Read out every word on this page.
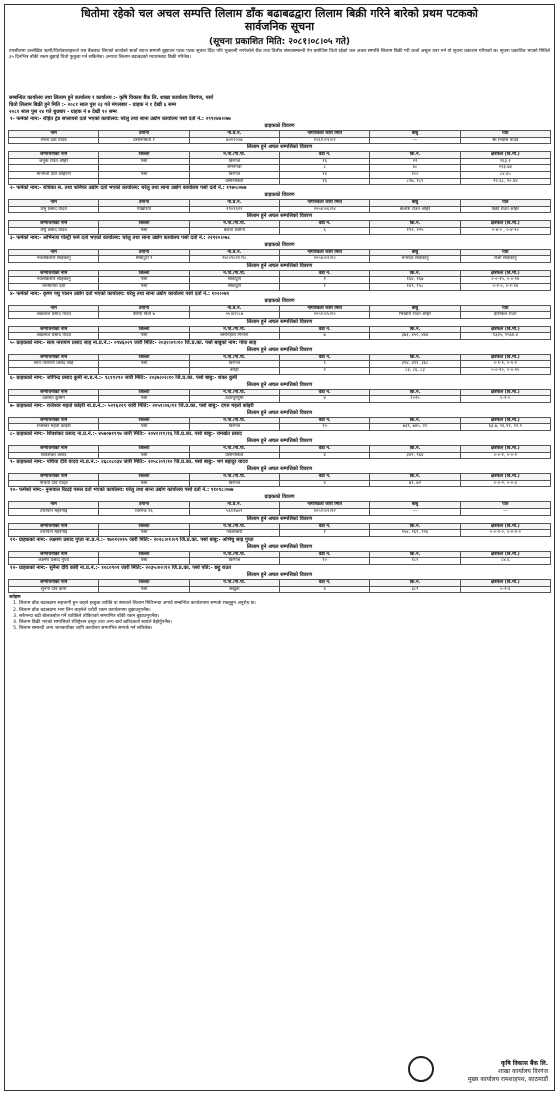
धितोमा रहेको चल अचल सम्पत्ति लिलाम डाँक बढाबढद्वारा लिलाम बिक्री गरिने बारेको प्रथम पटकको
सार्वजनिक सूचना
(सूचना प्रकाशित मिति: २०८१।०८।०५ गते)

तपसीलमा उल्लेखित ऋणी/धितोवालाहरूले यस बैंकबाट लिएको कर्जाको सावाँ ब्याज समयमै बुझाउन पटक पटक सूचना दिँदा पनि भुक्तानी नगरेकोले बैंक तथा वित्तीय संस्थासम्बन्धी ऐन बमोजिम धितो रहेको चल अचल सम्पत्ति लिलाम बिक्री गरी कर्जा असुल उपर गर्न यो सूचना प्रकाशन गरिएको छ। सूचना प्रकाशित भएको मितिले ३५ दिनभित्र बाँकी रकम बुझाई धितो फुकुवा गर्न सकिनेछ। अन्यथा लिलाम बढाबढको माध्यमबाट बिक्री गरिनेछ।

सम्बन्धित कार्यालय तथा लिलाम हुने कार्यालय र कार्यालय :- कृषि विकास बैंक लि. शाखा कार्यालय विरगंज, पर्सा
धितो लिलाम बिक्री हुने मिति :- २०८१ साल पुस २३ गते मंगलबार - ग्राहक नं १ देखी ६ सम्म
२०८१ साल पुस २४ गते बुधबार - ग्राहक नं ७ देखी १२ सम्म
१- फर्मको नाम:- रोहित ट्रेड सप्लायर्स दर्ता भएको कार्यालय: घरेलु तथा साना उद्योग कार्यालय पर्सा दर्ता नं.: २९९२४७।०७७
ग्राहकको विवरण
नाम	ठेगाना	ना.प्र.नं.	नागरिकता जारी मिति	बाबु	पति
शीला देवी यादव	प्रसौनीबिर्ता १	७०१२००७	२०६१।०९।०१	—	श्री निवास यादव
लिलाम हुने अचल सम्पत्तिको विवरण
जग्गाधनीको नाम	जिल्ला	न.पा./गा.पा.	वडा नं.	कि.नं.	क्षेत्रफल (वि.मी.)
जेनुक राउत अहिर	पर्सा	विरगंज	१६	२२	१६३.२
		रामनगवा	८	४८	१२३.७४
मानमती देवी अहिरनी	पर्सा	विरगंज	१४	१००	८४.६५
		प्रसौनीबिर्ता	१६	८१७, १८१	२२.६८, २०.४४
२- फर्मको नाम:- राधिका स. तथा फर्निचर उद्योग दर्ता भएको कार्यालय: घरेलु तथा साना उद्योग कार्यालय पर्सा दर्ता नं.: १९७५।०७७
ग्राहकको विवरण
नाम	ठेगाना	ना.प्र.नं.	नागरिकता जारी मिति	बाबु	पति
प्रभु प्रसाद यादव	पोखरिया	२९०१६२१	२०५४।०६।१४	कैलाश राउत अहिर	विद्या राउत अहिर
लिलाम हुने अचल सम्पत्तिको विवरण
जग्गाधनीको नाम	जिल्ला	न.पा./गा.पा.	वडा नं.	कि.नं.	क्षेत्रफल (वि.मी.)
प्रभु प्रसाद यादव	पर्सा	बेलवा प्रसौनी	६	१९२, २२५	०-४-० , ०-४-१०
३- फर्मको नाम:- अभिनाश पोल्ट्री फर्म दर्ता भएको कार्यालय: घरेलु तथा साना उद्योग कार्यालय पर्सा दर्ता नं.: २२९२०।०७८
ग्राहकको विवरण
नाम	ठेगाना	ना.प्र.नं.	नागरिकता जारी मिति	बाबु	पति
नवलकिशोर साहकानु	श्रीवाटुरी ९	२४।०९०२१।९८	२०५४।०२।१०	चनरदेव साहकानु	राजा साहकानु
लिलाम हुने अचल सम्पत्तिको विवरण
जग्गाधनीको नाम	जिल्ला	न.पा./गा.पा.	वडा नं.	कि.नं.	क्षेत्रफल (वि.मी.)
नवलकिशोर साहकानु	पर्सा	श्रीवाटुरी	१	१६४, १६७	०-०-१५, ०-०-१४
धनमतिया देवी	पर्सा	श्रीवाटुरी	१	१४९, १५८	०-२-०, ०-१-१४
४- फर्मको नाम:- कृष्ण पशु पालन उद्योग दर्ता भएको कार्यालय: घरेलु तथा साना उद्योग कार्यालय पर्सा दर्ता नं.: १०२।०७९
ग्राहकको विवरण
नाम	ठेगाना	ना.प्र.नं.	नागरिकता जारी मिति	बाबु	पति
अक्षलाल प्रसाद यादव	बैरिया बिर्ता ७	०५।४२।८७	२०५१।०५।१०	भिखारी राउत अहिर	हरिकिल राउत
लिलाम हुने अचल सम्पत्तिको विवरण
जग्गाधनीको नाम	जिल्ला	न.पा./गा.पा.	वडा नं.	कि.नं.	क्षेत्रफल (वि.मी.)
अक्षलाल प्रसाद यादव	पर्सा	बसनिहारा गिर्नौना	७	३७३, ४५०, ४४४	१३३५, १५६४.४
५- ग्राहकको नाम:- सत्य नारायण प्रसाद साह ना.प्र.नं.:- ०९४६०२९ जारी मिति:- २०३२।०९।१० जि.प्र.का. पर्सा बाबुको नाम: गोवा साह
लिलाम हुने अचल सम्पत्तिको विवरण
जग्गाधनीको नाम	जिल्ला	न.पा./गा.पा.	वडा नं.	कि.नं.	क्षेत्रफल (वि.मी.)
सत्य नारायण प्रसाद साह	पर्सा	विरगंज	१	३१४, ३९१, ३६८	०-१-१, ०-१-१
		बगही	२	८३, ८६, ८३	०-०-१०, ०-०-१५
६- ग्राहकको नाम:- जोगिन्द्र प्रसाद कुर्मी ना.प्र.नं.:- ९८११२९२ जारी मिति:- २०३७।०२।१० जि.प्र.का. पर्सा बाबु:- शंकर कुर्मी
लिलाम हुने अचल सम्पत्तिको विवरण
जग्गाधनीको नाम	जिल्ला	न.पा./गा.पा.	वडा नं.	कि.नं.	क्षेत्रफल (वि.मी.)
देवमति कुर्मिन	पर्सा	उदयपुरधुर्मी	४	१०२५	०-१-०
७- ग्राहकको नाम:- राजेश्वर महतो कोइरी ना.प्र.नं.:- ५२१६२२९ जारी मिति:- २०५१।०६।११ जि.प्र.का. पर्सा बाबु:- दगरु महतो कोइरी
लिलाम हुने अचल सम्पत्तिको विवरण
जग्गाधनीको नाम	जिल्ला	न.पा./गा.पा.	वडा नं.	कि.नं.	क्षेत्रफल (वि.मी.)
राजेश्वर महतो कोइरी	पर्सा	विरगंज	१५	७३९, ७४५, २१	६३.७, १६.९१, १२.२
८- ग्राहकको नाम:- शिवशंकर प्रसाद ना.प्र.नं.:- ४५७०७११९७ जारी मिति:- २०४२।११।१६ जि.प्र.का. पर्सा बाबु:- रामखेत प्रसाद
लिलाम हुने अचल सम्पत्तिको विवरण
जग्गाधनीको नाम	जिल्ला	न.पा./गा.पा.	वडा नं.	कि.नं.	क्षेत्रफल (वि.मी.)
शिवशंकर प्रसाद	पर्सा	प्रसौनीबिर्ता	४	३४९, ९६४	०-०-१, ०-०-१
९- ग्राहकको नाम:- पचिया देवि यादव ना.प्र.नं.:- २६८०८०३४ जारी मिति:- २०५८।०९।१० जि.प्र.का. पर्सा बाबु:- भग बहादुर यादव
लिलाम हुने अचल सम्पत्तिको विवरण
जग्गाधनीको नाम	जिल्ला	न.पा./गा.पा.	वडा नं.	कि.नं.	क्षेत्रफल (वि.मी.)
पचिया देवि यादव	पर्सा	विरगंज	४	७१, ७२	०-०-२, ०-०-३
१०- फर्मको नाम:- नुनावाल रिठाई पसल दर्ता भएको कार्यालय: घरेलु तथा साना उद्योग कार्यालय पर्सा दर्ता नं.: ११०९८।०७७
ग्राहकको विवरण
नाम	ठेगाना	ना.प्र.नं.	नागरिकता जारी मिति	बाबु	पति
तारापान महरगोइ	विरगंज १६	५६१२७०९	२०५२।०१।२२	—	—
लिलाम हुने अचल सम्पत्तिको विवरण
जग्गाधनीको नाम	जिल्ला	न.पा./गा.पा.	वडा नं.	कि.नं.	क्षेत्रफल (वि.मी.)
तारापान महरगोइ	पर्सा	नवलाबारी	१	१५४, २६९, १२६	०-०-१-०, ०-०-१-०
११- ग्राहकको नाम:- लक्ष्मण प्रसाद गुप्ता ना.प्र.नं.:- ९७०१२०१५ जारी मिति:- २०२८।०१।०९ जि.प्र.का. पर्सा बाबु:- अभिचु साह गुप्ता
लिलाम हुने अचल सम्पत्तिको विवरण
जग्गाधनीको नाम	जिल्ला	न.पा./गा.पा.	वडा नं.	कि.नं.	क्षेत्रफल (वि.मी.)
लक्ष्मण प्रसाद गुप्ता	पर्सा	विरगंज	१०	१८२	८४.६
१२- ग्राहकको नाम:- सुनैना देवि कोरी ना.प्र.नं.:- १०८०९०१ जारी मिति:- २०३५।०२।१२ जि.प्र.का. पर्सा पति:- छट्ठु राउत
लिलाम हुने अचल सम्पत्तिको विवरण
जग्गाधनीको नाम	जिल्ला	न.पा./गा.पा.	वडा नं.	कि.नं.	क्षेत्रफल (वि.मी.)
सुनैना देवि कोरी	पर्सा	सखुवा	४	३८९	०-२-६
शर्तहरू
1. लिलाम डाँक बढाबढमा सहभागी हुन चाहने इच्छुक व्यक्ति वा संस्थाले लिलाम मितिभन्दा अगावै सम्बन्धित कार्यालयमा सम्पर्क राख्नुहुन अनुरोध छ।
2. लिलाम डाँक बढाबढमा भाग लिन चाहनेले धरौटी रकम कार्यालयमा बुझाउनुपर्नेछ।
3. सबैभन्दा बढी बोलकबोल गर्ने व्यक्तिले तोकिएको समयभित्र बाँकी रकम बुझाउनुपर्नेछ।
4. लिलाम बिक्री भएको सम्पत्तिको रजिष्ट्रेशन दस्तुर तथा अन्य खर्च खरिदकर्ता स्वयंले बेहोर्नुपर्नेछ।
5. लिलाम सम्बन्धी अन्य जानकारीका लागि कार्यालय समयभित्र सम्पर्क गर्न सकिनेछ।
कृषि विकास बैंक लि.
शाखा कार्यालय विरगंज
मुख्य कार्यालय रामशाहपथ, काठमाडौं
